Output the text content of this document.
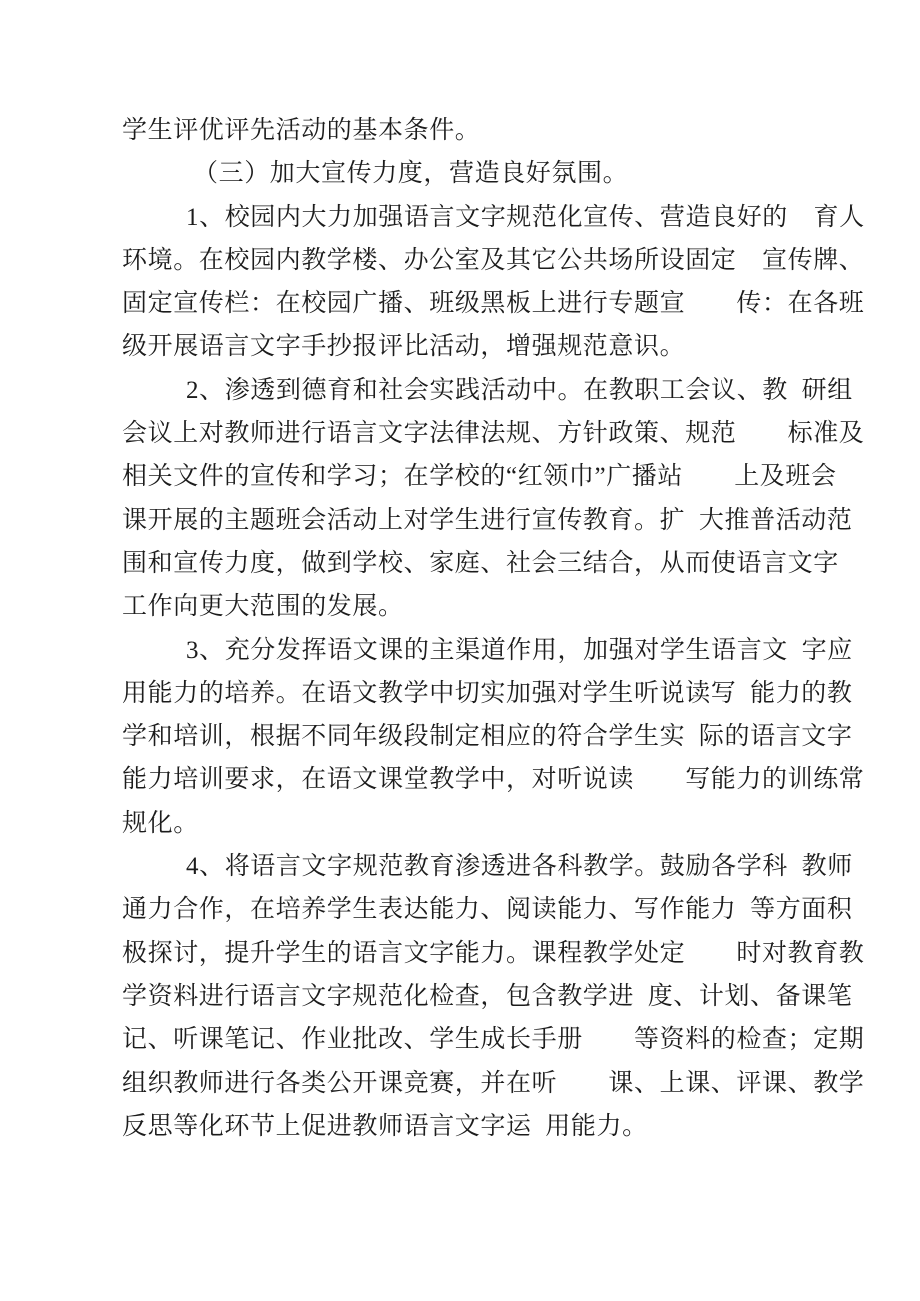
学生评优评先活动的基本条件。
（三）加大宣传力度，营造良好氛围。
1、校园内大力加强语言文字规范化宣传、营造良好的　育人
环境。在校园内教学楼、办公室及其它公共场所设固定　宣传牌、
固定宣传栏：在校园广播、班级黑板上进行专题宣　　传：在各班
级开展语言文字手抄报评比活动，增强规范意识。
2、渗透到德育和社会实践活动中。在教职工会议、教  研组
会议上对教师进行语言文字法律法规、方针政策、规范　　标准及
相关文件的宣传和学习；在学校的“红领巾”广播站　　上及班会
课开展的主题班会活动上对学生进行宣传教育。扩  大推普活动范
围和宣传力度，做到学校、家庭、社会三结合，从而使语言文字
工作向更大范围的发展。
3、充分发挥语文课的主渠道作用，加强对学生语言文  字应
用能力的培养。在语文教学中切实加强对学生听说读写  能力的教
学和培训，根据不同年级段制定相应的符合学生实  际的语言文字
能力培训要求，在语文课堂教学中，对听说读　　写能力的训练常
规化。
4、将语言文字规范教育渗透进各科教学。鼓励各学科  教师
通力合作，在培养学生表达能力、阅读能力、写作能力  等方面积
极探讨，提升学生的语言文字能力。课程教学处定　　时对教育教
学资料进行语言文字规范化检查，包含教学进  度、计划、备课笔
记、听课笔记、作业批改、学生成长手册　　等资料的检查；定期
组织教师进行各类公开课竞赛，并在听　　课、上课、评课、教学
反思等化环节上促进教师语言文字运  用能力。
